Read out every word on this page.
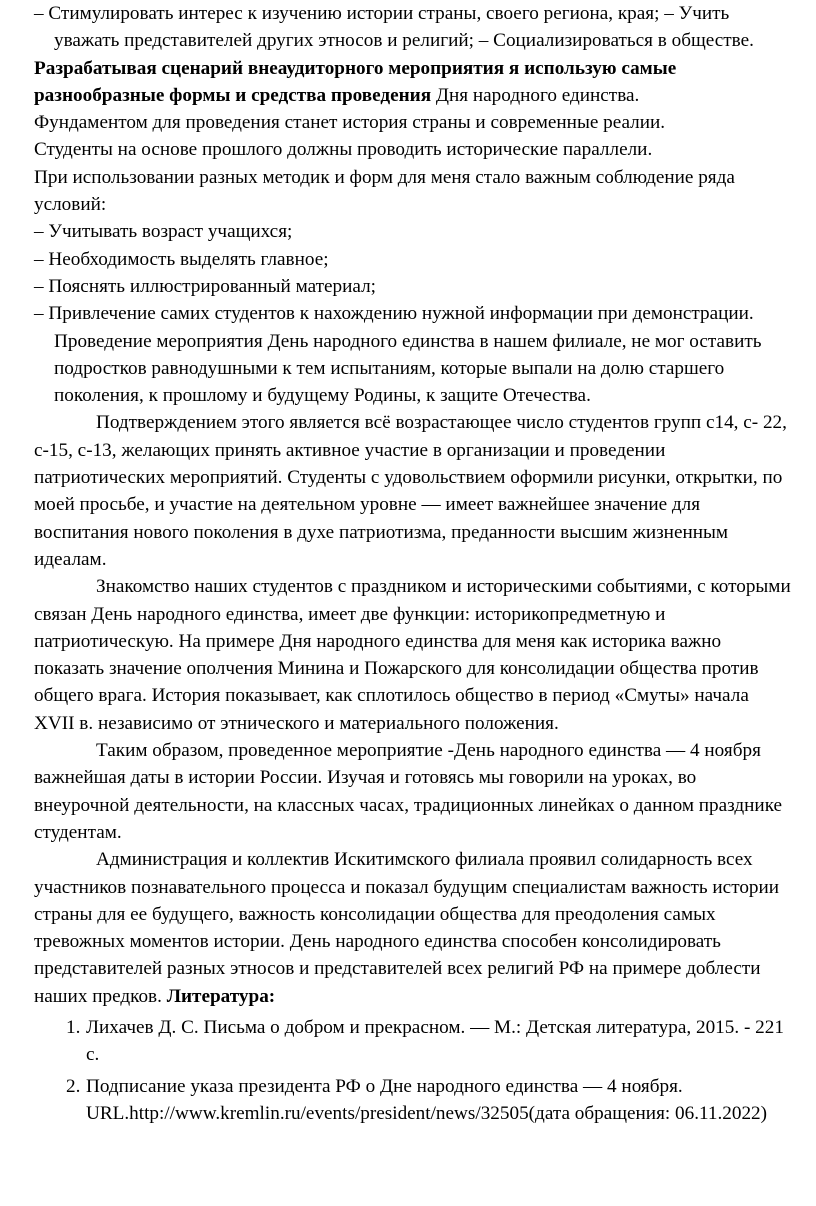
– Стимулировать интерес к изучению истории страны, своего региона, края; – Учить уважать представителей других этносов и религий; – Социализироваться в обществе.

Разрабатывая сценарий внеаудиторного мероприятия я использую самые разнообразные формы и средства проведения Дня народного единства.

Фундаментом для проведения станет история страны и современные реалии.

Студенты на основе прошлого должны проводить исторические параллели.

При использовании разных методик и форм для меня стало важным соблюдение ряда условий:

– Учитывать возраст учащихся;

– Необходимость выделять главное;

– Пояснять иллюстрированный материал;

– Привлечение самих студентов к нахождению нужной информации при демонстрации. Проведение мероприятия День народного единства в нашем филиале, не мог оставить подростков равнодушными к тем испытаниям, которые выпали на долю старшего поколения, к прошлому и будущему Родины, к защите Отечества.

Подтверждением этого является всё возрастающее число студентов групп с14, с- 22, с-15, с-13, желающих принять активное участие в организации и проведении патриотических мероприятий. Студенты с удовольствием оформили рисунки, открытки, по моей просьбе, и участие на деятельном уровне — имеет важнейшее значение для воспитания нового поколения в духе патриотизма, преданности высшим жизненным идеалам.

Знакомство наших студентов с праздником и историческими событиями, с которыми связан День народного единства, имеет две функции: историкопредметную и патриотическую. На примере Дня народного единства для меня как историка важно показать значение ополчения Минина и Пожарского для консолидации общества против общего врага. История показывает, как сплотилось общество в период «Смуты» начала XVII в. независимо от этнического и материального положения.

Таким образом, проведенное мероприятие -День народного единства — 4 ноября важнейшая даты в истории России. Изучая и готовясь мы говорили на уроках, во внеурочной деятельности, на классных часах, традиционных линейках о данном празднике студентам.

Администрация и коллектив Искитимского филиала проявил солидарность всех участников познавательного процесса и показал будущим специалистам важность истории страны для ее будущего, важность консолидации общества для преодоления самых тревожных моментов истории. День народного единства способен консолидировать представителей разных этносов и представителей всех религий РФ на примере доблести наших предков. Литература:

1. Лихачев Д. С. Письма о добром и прекрасном. — М.: Детская литература, 2015. - 221 с.
2. Подписание указа президента РФ о Дне народного единства — 4 ноября. URL.http://www.kremlin.ru/events/president/news/32505(дата обращения: 06.11.2022)
